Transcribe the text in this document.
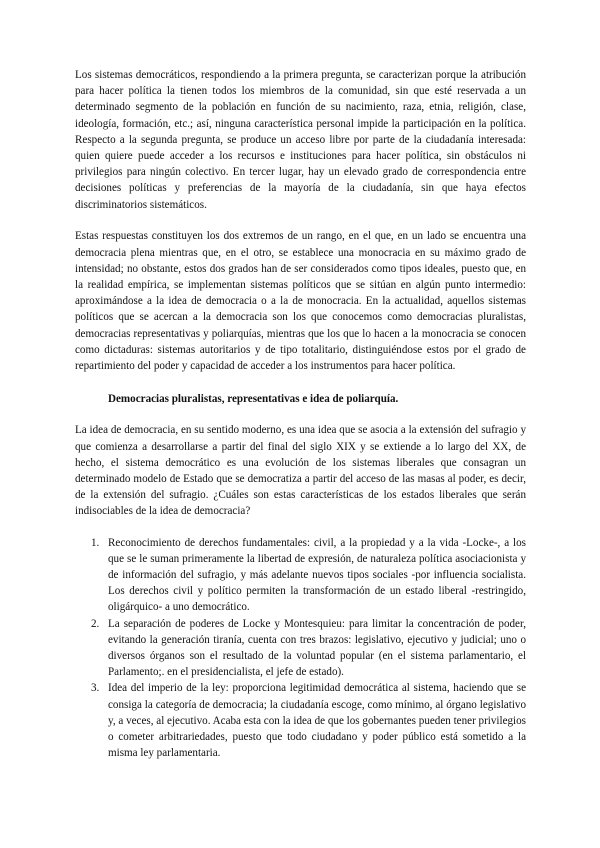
Los sistemas democráticos, respondiendo a la primera pregunta, se caracterizan porque la atribución para hacer política la tienen todos los miembros de la comunidad, sin que esté reservada a un determinado segmento de la población en función de su nacimiento, raza, etnia, religión, clase, ideología, formación, etc.; así, ninguna característica personal impide la participación en la política. Respecto a la segunda pregunta, se produce un acceso libre por parte de la ciudadanía interesada: quien quiere puede acceder a los recursos e instituciones para hacer política, sin obstáculos ni privilegios para ningún colectivo. En tercer lugar, hay un elevado grado de correspondencia entre decisiones políticas y preferencias de la mayoría de la ciudadanía, sin que haya efectos discriminatorios sistemáticos.

Estas respuestas constituyen los dos extremos de un rango, en el que, en un lado se encuentra una democracia plena mientras que, en el otro, se establece una monocracia en su máximo grado de intensidad; no obstante, estos dos grados han de ser considerados como tipos ideales, puesto que, en la realidad empírica, se implementan sistemas políticos que se sitúan en algún punto intermedio: aproximándose a la idea de democracia o a la de monocracia. En la actualidad, aquellos sistemas políticos que se acercan a la democracia son los que conocemos como democracias pluralistas, democracias representativas y poliarquías, mientras que los que lo hacen a la monocracia se conocen como dictaduras: sistemas autoritarios y de tipo totalitario, distinguiéndose estos por el grado de repartimiento del poder y capacidad de acceder a los instrumentos para hacer política.

Democracias pluralistas, representativas e idea de poliarquía.

La idea de democracia, en su sentido moderno, es una idea que se asocia a la extensión del sufragio y que comienza a desarrollarse a partir del final del siglo XIX y se extiende a lo largo del XX, de hecho, el sistema democrático es una evolución de los sistemas liberales que consagran un determinado modelo de Estado que se democratiza a partir del acceso de las masas al poder, es decir, de la extensión del sufragio. ¿Cuáles son estas características de los estados liberales que serán indisociables de la idea de democracia?

1. Reconocimiento de derechos fundamentales: civil, a la propiedad y a la vida -Locke-, a los que se le suman primeramente la libertad de expresión, de naturaleza política asociacionista y de información del sufragio, y más adelante nuevos tipos sociales -por influencia socialista. Los derechos civil y político permiten la transformación de un estado liberal -restringido, oligárquico- a uno democrático.
2. La separación de poderes de Locke y Montesquieu: para limitar la concentración de poder, evitando la generación tiranía, cuenta con tres brazos: legislativo, ejecutivo y judicial; uno o diversos órganos son el resultado de la voluntad popular (en el sistema parlamentario, el Parlamento;. en el presidencialista, el jefe de estado).
3. Idea del imperio de la ley: proporciona legitimidad democrática al sistema, haciendo que se consiga la categoría de democracia; la ciudadanía escoge, como mínimo, al órgano legislativo y, a veces, al ejecutivo. Acaba esta con la idea de que los gobernantes pueden tener privilegios o cometer arbitrariedades, puesto que todo ciudadano y poder público está sometido a la misma ley parlamentaria.
